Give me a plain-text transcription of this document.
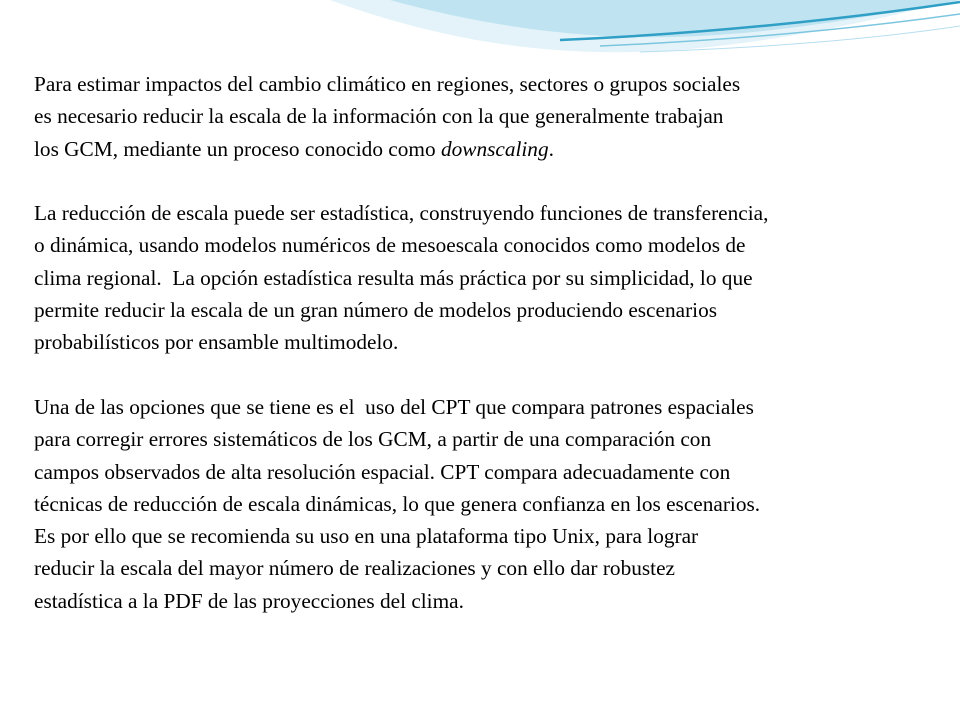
Para estimar impactos del cambio climático en regiones, sectores o grupos sociales
es necesario reducir la escala de la información con la que generalmente trabajan
los GCM, mediante un proceso conocido como downscaling.
La reducción de escala puede ser estadística, construyendo funciones de transferencia,
o dinámica, usando modelos numéricos de mesoescala conocidos como modelos de
clima regional.  La opción estadística resulta más práctica por su simplicidad, lo que
permite reducir la escala de un gran número de modelos produciendo escenarios
probabilísticos por ensamble multimodelo.
Una de las opciones que se tiene es el  uso del CPT que compara patrones espaciales
para corregir errores sistemáticos de los GCM, a partir de una comparación con
campos observados de alta resolución espacial. CPT compara adecuadamente con
técnicas de reducción de escala dinámicas, lo que genera confianza en los escenarios.
Es por ello que se recomienda su uso en una plataforma tipo Unix, para lograr
reducir la escala del mayor número de realizaciones y con ello dar robustez
estadística a la PDF de las proyecciones del clima.
